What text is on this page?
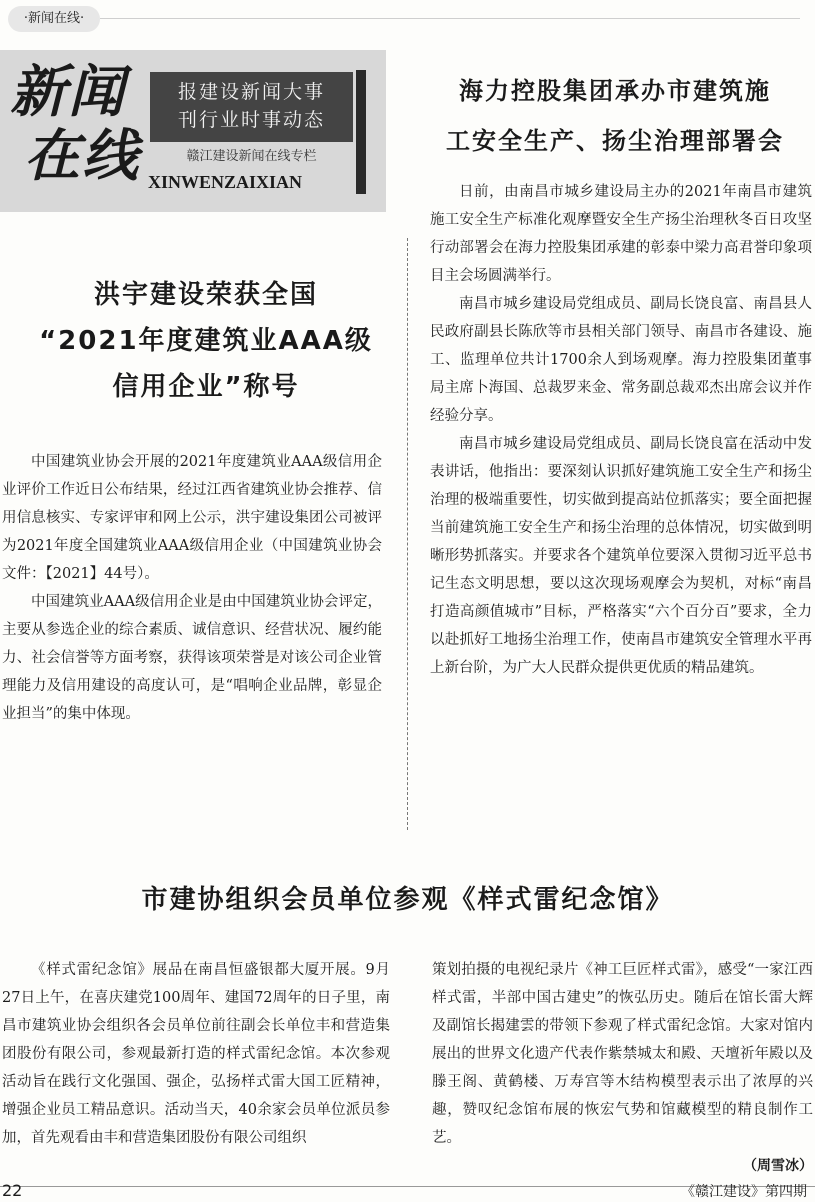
·新闻在线·
新闻
在线
报建设新闻大事
刊行业时事动态
赣江建设新闻在线专栏
XINWENZAIXIAN
海力控股集团承办市建筑施
工安全生产、扬尘治理部署会

日前，由南昌市城乡建设局主办的2021年南昌市建筑施工安全生产标准化观摩暨安全生产扬尘治理秋冬百日攻坚行动部署会在海力控股集团承建的彰泰中梁力高君誉印象项目主会场圆满举行。

南昌市城乡建设局党组成员、副局长饶良富、南昌县人民政府副县长陈欣等市县相关部门领导、南昌市各建设、施工、监理单位共计1700余人到场观摩。海力控股集团董事局主席卜海国、总裁罗来金、常务副总裁邓杰出席会议并作经验分享。

南昌市城乡建设局党组成员、副局长饶良富在活动中发表讲话，他指出：要深刻认识抓好建筑施工安全生产和扬尘治理的极端重要性，切实做到提高站位抓落实；要全面把握当前建筑施工安全生产和扬尘治理的总体情况，切实做到明晰形势抓落实。并要求各个建筑单位要深入贯彻习近平总书记生态文明思想，要以这次现场观摩会为契机，对标“南昌打造高颜值城市”目标，严格落实“六个百分百”要求，全力以赴抓好工地扬尘治理工作，使南昌市建筑安全管理水平再上新台阶，为广大人民群众提供更优质的精品建筑。

洪宇建设荣获全国
“2021年度建筑业AAA级
信用企业”称号

中国建筑业协会开展的2021年度建筑业AAA级信用企业评价工作近日公布结果，经过江西省建筑业协会推荐、信用信息核实、专家评审和网上公示，洪宇建设集团公司被评为2021年度全国建筑业AAA级信用企业（中国建筑业协会文件：【2021】44号）。

中国建筑业AAA级信用企业是由中国建筑业协会评定，主要从参选企业的综合素质、诚信意识、经营状况、履约能力、社会信誉等方面考察，获得该项荣誉是对该公司企业管理能力及信用建设的高度认可，是“唱响企业品牌，彰显企业担当”的集中体现。

市建协组织会员单位参观《样式雷纪念馆》

《样式雷纪念馆》展品在南昌恒盛银都大厦开展。9月27日上午，在喜庆建党100周年、建国72周年的日子里，南昌市建筑业协会组织各会员单位前往副会长单位丰和营造集团股份有限公司，参观最新打造的样式雷纪念馆。本次参观活动旨在践行文化强国、强企，弘扬样式雷大国工匠精神，增强企业员工精品意识。活动当天，40余家会员单位派员参加，首先观看由丰和营造集团股份有限公司组织

策划拍摄的电视纪录片《神工巨匠样式雷》，感受“一家江西样式雷，半部中国古建史”的恢弘历史。随后在馆长雷大辉及副馆长揭建雲的带领下参观了样式雷纪念馆。大家对馆内展出的世界文化遗产代表作紫禁城太和殿、天壇祈年殿以及滕王阁、黄鹤楼、万寿宫等木结构模型表示出了浓厚的兴趣，赞叹纪念馆布展的恢宏气势和馆藏模型的精良制作工艺。

（周雪冰）

22	《赣江建设》第四期
